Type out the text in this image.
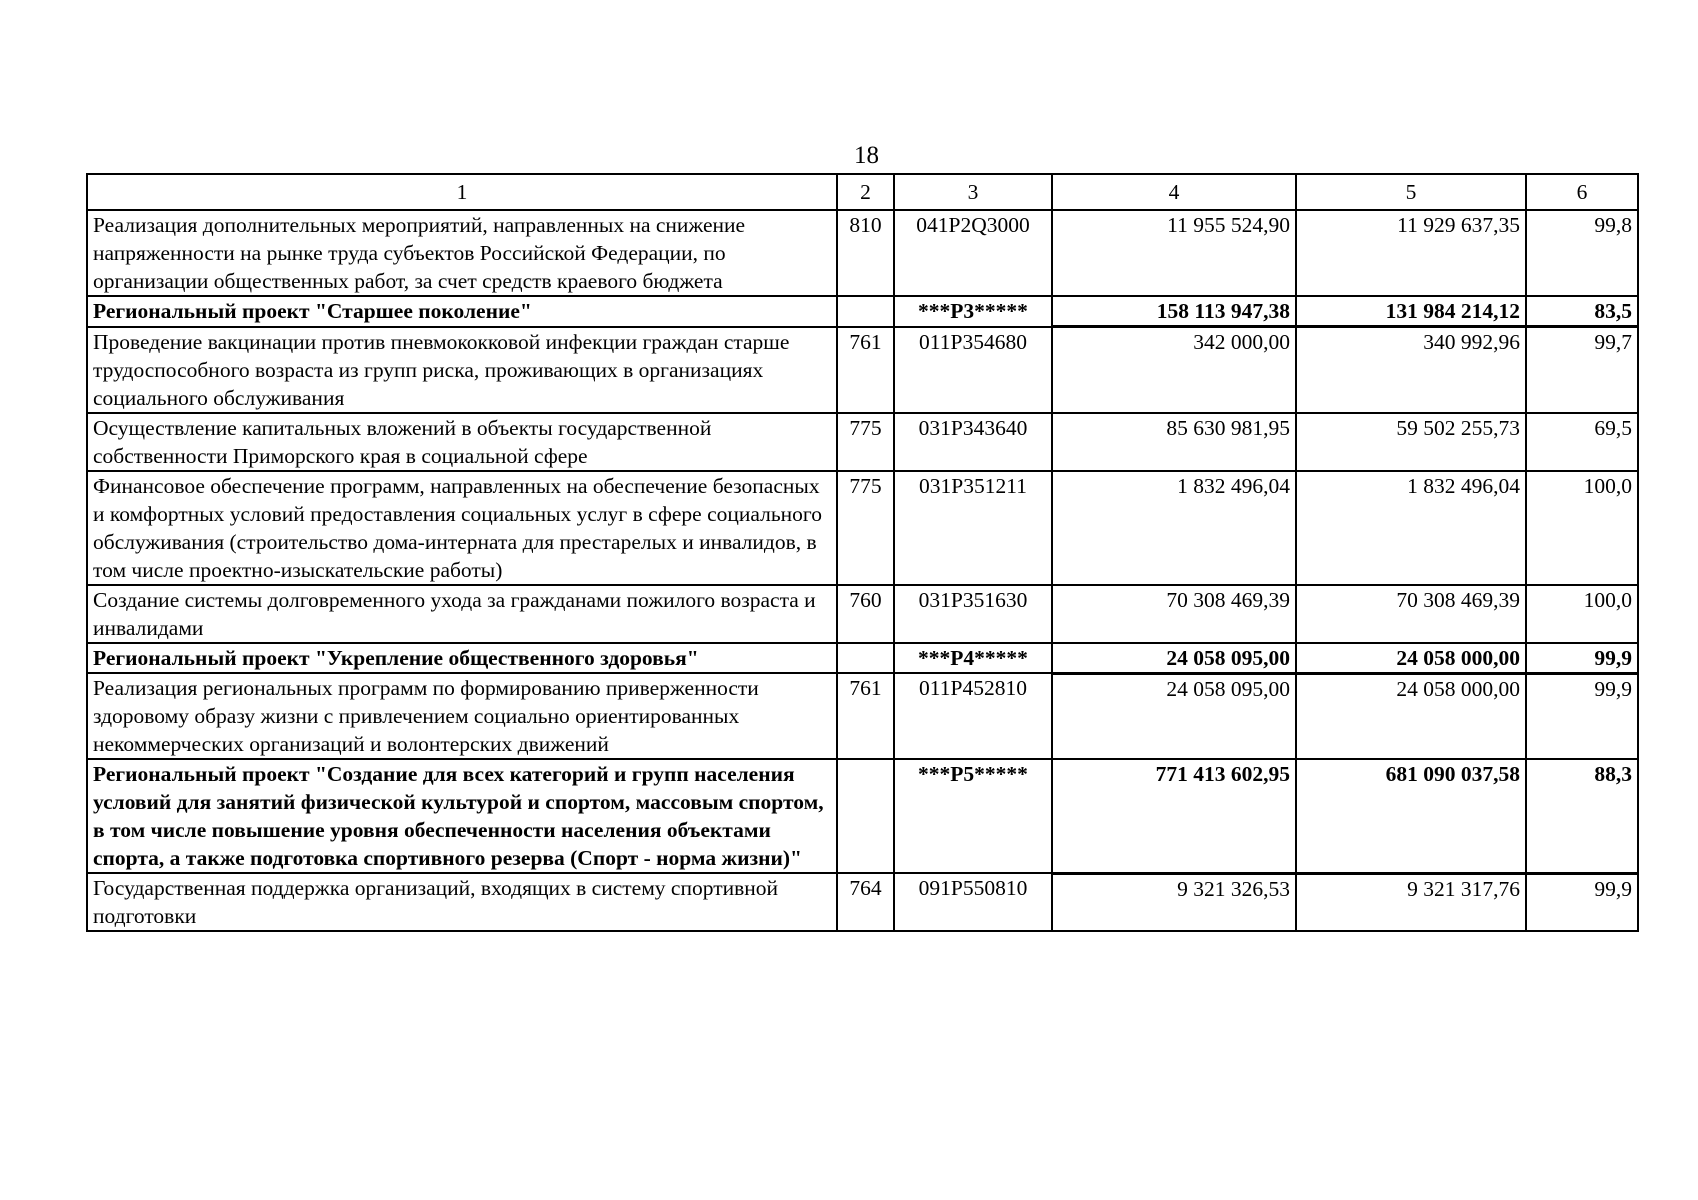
18
1	2	3	4	5	6
Реализация дополнительных мероприятий, направленных на снижение напряженности на рынке труда субъектов Российской Федерации, по организации общественных работ, за счет средств краевого бюджета	810	041P2Q3000	11 955 524,90	11 929 637,35	99,8
Региональный проект "Старшее поколение"		***P3*****	158 113 947,38	131 984 214,12	83,5
Проведение вакцинации против пневмококковой инфекции граждан старше трудоспособного возраста из групп риска, проживающих в организациях социального обслуживания	761	011P354680	342 000,00	340 992,96	99,7
Осуществление капитальных вложений в объекты государственной собственности Приморского края в социальной сфере	775	031P343640	85 630 981,95	59 502 255,73	69,5
Финансовое обеспечение программ, направленных на обеспечение безопасных и комфортных условий предоставления социальных услуг в сфере социального обслуживания (строительство дома-интерната для престарелых и инвалидов, в том числе проектно-изыскательские работы)	775	031P351211	1 832 496,04	1 832 496,04	100,0
Создание системы долговременного ухода за гражданами пожилого возраста и инвалидами	760	031P351630	70 308 469,39	70 308 469,39	100,0
Региональный проект "Укрепление общественного здоровья"		***P4*****	24 058 095,00	24 058 000,00	99,9
Реализация региональных программ по формированию приверженности здоровому образу жизни с привлечением социально ориентированных некоммерческих организаций и волонтерских движений	761	011P452810	24 058 095,00	24 058 000,00	99,9
Региональный проект "Создание для всех категорий и групп населения условий для занятий физической культурой и спортом, массовым спортом, в том числе повышение уровня обеспеченности населения объектами спорта, а также подготовка спортивного резерва (Спорт - норма жизни)"		***P5*****	771 413 602,95	681 090 037,58	88,3
Государственная поддержка организаций, входящих в систему спортивной подготовки	764	091P550810	9 321 326,53	9 321 317,76	99,9
